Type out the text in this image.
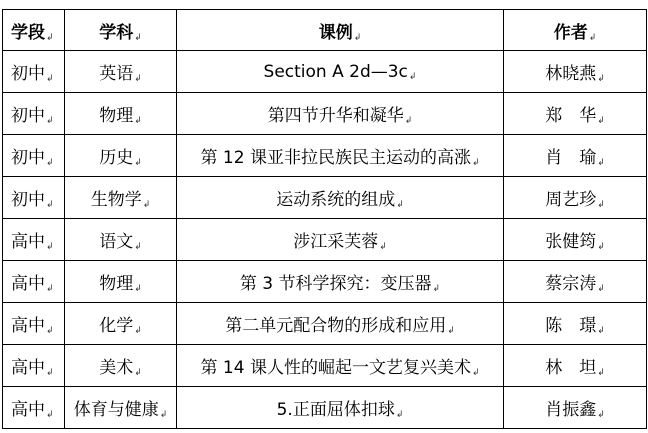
学段↲	学科↲	课例↲	作者↲
初中↲	英语↲	Section A 2d—3c↲	林晓燕↲
初中↲	物理↲	第四节升华和凝华↲	郑　华↲
初中↲	历史↲	第 12 课亚非拉民族民主运动的高涨↲	肖　瑜↲
初中↲	生物学↲	运动系统的组成↲	周艺珍↲
高中↲	语文↲	涉江采芙蓉↲	张健筠↲
高中↲	物理↲	第 3 节科学探究：变压器↲	蔡宗涛↲
高中↲	化学↲	第二单元配合物的形成和应用↲	陈　璟↲
高中↲	美术↲	第 14 课人性的崛起一文艺复兴美术↲	林　坦↲
高中↲	体育与健康↲	5.正面屈体扣球↲	肖振鑫↲
